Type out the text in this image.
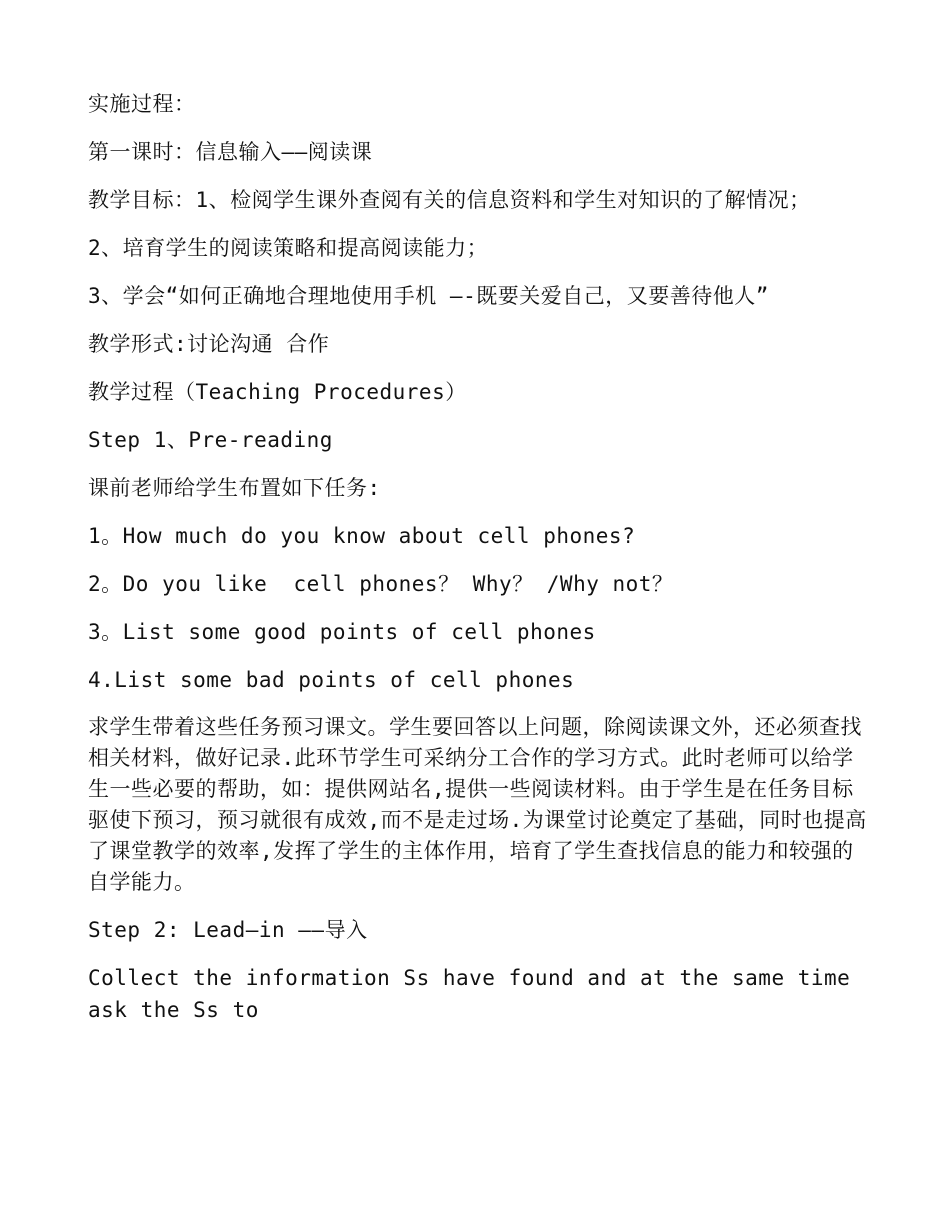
实施过程：

第一课时：信息输入——阅读课

教学目标：1、检阅学生课外查阅有关的信息资料和学生对知识的了解情况；

2、培育学生的阅读策略和提高阅读能力；

3、学会“如何正确地合理地使用手机 —-既要关爱自己，又要善待他人”

教学形式:讨论沟通 合作

教学过程（Teaching Procedures）

Step 1、Pre-reading

课前老师给学生布置如下任务:

1。How much do you know about cell phones?

2。Do you like  cell phones？ Why？ /Why not？

3。List some good points of cell phones

4.List some bad points of cell phones

求学生带着这些任务预习课文。学生要回答以上问题，除阅读课文外，还必须查找相关材料，做好记录.此环节学生可采纳分工合作的学习方式。此时老师可以给学生一些必要的帮助，如：提供网站名,提供一些阅读材料。由于学生是在任务目标驱使下预习，预习就很有成效,而不是走过场.为课堂讨论奠定了基础，同时也提高了课堂教学的效率,发挥了学生的主体作用，培育了学生查找信息的能力和较强的自学能力。

Step 2: Lead—in ——导入

Collect the information Ss have found and at the same time ask the Ss to
